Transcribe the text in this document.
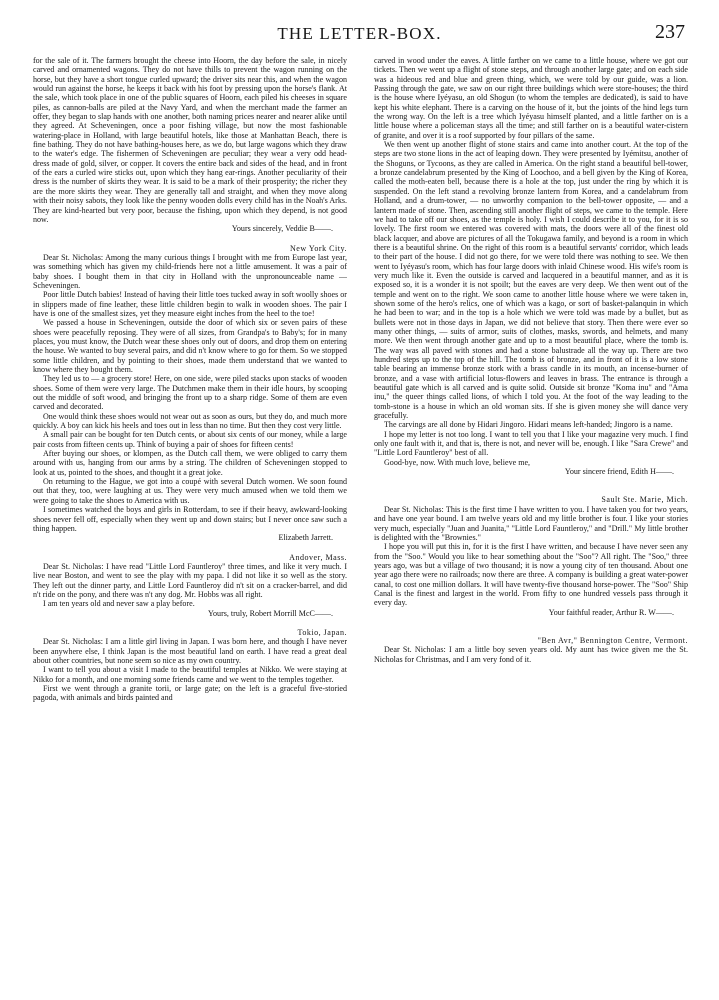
THE LETTER-BOX.	237

for the sale of it. The farmers brought the cheese into Hoorn, the day before the sale, in nicely carved and ornamented wagons. They do not have thills to prevent the wagon running on the horse, but they have a short tongue curled upward; the driver sits near this, and when the wagon would run against the horse, he keeps it back with his foot by pressing upon the horse's flank. At the sale, which took place in one of the public squares of Hoorn, each piled his cheeses in square piles, as cannon-balls are piled at the Navy Yard, and when the merchant made the farmer an offer, they began to slap hands with one another, both naming prices nearer and nearer alike until they agreed. At Scheveningen, once a poor fishing village, but now the most fashionable watering-place in Holland, with large beautiful hotels, like those at Manhattan Beach, there is fine bathing. They do not have bathing-houses here, as we do, but large wagons which they draw to the water's edge. The fishermen of Scheveningen are peculiar; they wear a very odd head-dress made of gold, silver, or copper. It covers the entire back and sides of the head, and in front of the ears a curled wire sticks out, upon which they hang ear-rings. Another peculiarity of their dress is the number of skirts they wear. It is said to be a mark of their prosperity; the richer they are the more skirts they wear. They are generally tall and straight, and when they move along with their noisy sabots, they look like the penny wooden dolls every child has in the Noah's Arks. They are kind-hearted but very poor, because the fishing, upon which they depend, is not good now.

Yours sincerely, Veddie B——.
New York City.

Dear St. Nicholas: Among the many curious things I brought with me from Europe last year, was something which has given my child-friends here not a little amusement. It was a pair of baby shoes. I bought them in that city in Holland with the unpronounceable name — Scheveningen.

Poor little Dutch babies! Instead of having their little toes tucked away in soft woolly shoes or in slippers made of fine leather, these little children begin to walk in wooden shoes. The pair I have is one of the smallest sizes, yet they measure eight inches from the heel to the toe!

We passed a house in Scheveningen, outside the door of which six or seven pairs of these shoes were peacefully reposing. They were of all sizes, from Grandpa's to Baby's; for in many places, you must know, the Dutch wear these shoes only out of doors, and drop them on entering the house. We wanted to buy several pairs, and did n't know where to go for them. So we stopped some little children, and by pointing to their shoes, made them understand that we wanted to know where they bought them.

They led us to — a grocery store! Here, on one side, were piled stacks upon stacks of wooden shoes. Some of them were very large. The Dutchmen make them in their idle hours, by scooping out the middle of soft wood, and bringing the front up to a sharp ridge. Some of them are even carved and decorated.

One would think these shoes would not wear out as soon as ours, but they do, and much more quickly. A boy can kick his heels and toes out in less than no time. But then they cost very little.

A small pair can be bought for ten Dutch cents, or about six cents of our money, while a large pair costs from fifteen cents up. Think of buying a pair of shoes for fifteen cents!

After buying our shoes, or klompen, as the Dutch call them, we were obliged to carry them around with us, hanging from our arms by a string. The children of Scheveningen stopped to look at us, pointed to the shoes, and thought it a great joke.

On returning to the Hague, we got into a coupé with several Dutch women. We soon found out that they, too, were laughing at us. They were very much amused when we told them we were going to take the shoes to America with us.

I sometimes watched the boys and girls in Rotterdam, to see if their heavy, awkward-looking shoes never fell off, especially when they went up and down stairs; but I never once saw such a thing happen.

Elizabeth Jarrett.
Andover, Mass.

Dear St. Nicholas: I have read "Little Lord Fauntleroy" three times, and like it very much. I live near Boston, and went to see the play with my papa. I did not like it so well as the story. They left out the dinner party, and Little Lord Fauntleroy did n't sit on a cracker-barrel, and did n't ride on the pony, and there was n't any dog. Mr. Hobbs was all right.

I am ten years old and never saw a play before.

Yours, truly, Robert Morrill McC——.
Tokio, Japan.

Dear St. Nicholas: I am a little girl living in Japan. I was born here, and though I have never been anywhere else, I think Japan is the most beautiful land on earth. I have read a great deal about other countries, but none seem so nice as my own country.

I want to tell you about a visit I made to the beautiful temples at Nikko. We were staying at Nikko for a month, and one morning some friends came and we went to the temples together.

First we went through a granite torii, or large gate; on the left is a graceful five-storied pagoda, with animals and birds painted and

carved in wood under the eaves. A little farther on we came to a little house, where we got our tickets. Then we went up a flight of stone steps, and through another large gate; and on each side was a hideous red and blue and green thing, which, we were told by our guide, was a lion. Passing through the gate, we saw on our right three buildings which were store-houses; the third is the house where Iyéyasu, an old Shogun (to whom the temples are dedicated), is said to have kept his white elephant. There is a carving on the house of it, but the joints of the hind legs turn the wrong way. On the left is a tree which Iyéyasu himself planted, and a little farther on is a little house where a policeman stays all the time; and still farther on is a beautiful water-cistern of granite, and over it is a roof supported by four pillars of the same.

We then went up another flight of stone stairs and came into another court. At the top of the steps are two stone lions in the act of leaping down. They were presented by Iyémitsu, another of the Shoguns, or Tycoons, as they are called in America. On the right stand a beautiful bell-tower, a bronze candelabrum presented by the King of Loochoo, and a bell given by the King of Korea, called the moth-eaten bell, because there is a hole at the top, just under the ring by which it is suspended. On the left stand a revolving bronze lantern from Korea, and a candelabrum from Holland, and a drum-tower, — no unworthy companion to the bell-tower opposite, — and a lantern made of stone. Then, ascending still another flight of steps, we came to the temple. Here we had to take off our shoes, as the temple is holy. I wish I could describe it to you, for it is so lovely. The first room we entered was covered with mats, the doors were all of the finest old black lacquer, and above are pictures of all the Tokugawa family, and beyond is a room in which there is a beautiful shrine. On the right of this room is a beautiful servants' corridor, which leads to their part of the house. I did not go there, for we were told there was nothing to see. We then went to Iyéyasu's room, which has four large doors with inlaid Chinese wood. His wife's room is very much like it. Even the outside is carved and lacquered in a beautiful manner, and as it is exposed so, it is a wonder it is not spoilt; but the eaves are very deep. We then went out of the temple and went on to the right. We soon came to another little house where we were taken in, shown some of the hero's relics, one of which was a kago, or sort of basket-palanquin in which he had been to war; and in the top is a hole which we were told was made by a bullet, but as bullets were not in those days in Japan, we did not believe that story. Then there were ever so many other things, — suits of armor, suits of clothes, masks, swords, and helmets, and many more. We then went through another gate and up to a most beautiful place, where the tomb is. The way was all paved with stones and had a stone balustrade all the way up. There are two hundred steps up to the top of the hill. The tomb is of bronze, and in front of it is a low stone table bearing an immense bronze stork with a brass candle in its mouth, an incense-burner of bronze, and a vase with artificial lotus-flowers and leaves in brass. The entrance is through a beautiful gate which is all carved and is quite solid. Outside sit bronze "Koma inu" and "Ama inu," the queer things called lions, of which I told you. At the foot of the way leading to the tomb-stone is a house in which an old woman sits. If she is given money she will dance very gracefully.

The carvings are all done by Hidari Jingoro. Hidari means left-handed; Jingoro is a name.

I hope my letter is not too long. I want to tell you that I like your magazine very much. I find only one fault with it, and that is, there is not, and never will be, enough. I like "Sara Crewe" and "Little Lord Fauntleroy" best of all.

Good-bye, now. With much love, believe me,

Your sincere friend, Edith H——.
Sault Ste. Marie, Mich.

Dear St. Nicholas: This is the first time I have written to you. I have taken you for two years, and have one year bound. I am twelve years old and my little brother is four. I like your stories very much, especially "Juan and Juanita," "Little Lord Fauntleroy," and "Drill." My little brother is delighted with the "Brownies."

I hope you will put this in, for it is the first I have written, and because I have never seen any from the "Soo." Would you like to hear something about the "Soo"? All right. The "Soo," three years ago, was but a village of two thousand; it is now a young city of ten thousand. About one year ago there were no railroads; now there are three. A company is building a great water-power canal, to cost one million dollars. It will have twenty-five thousand horse-power. The "Soo" Ship Canal is the finest and largest in the world. From fifty to one hundred vessels pass through it every day.

Your faithful reader, Arthur R. W——.
"Ben Avr," Bennington Centre, Vermont.

Dear St. Nicholas: I am a little boy seven years old. My aunt has twice given me the St. Nicholas for Christmas, and I am very fond of it.
